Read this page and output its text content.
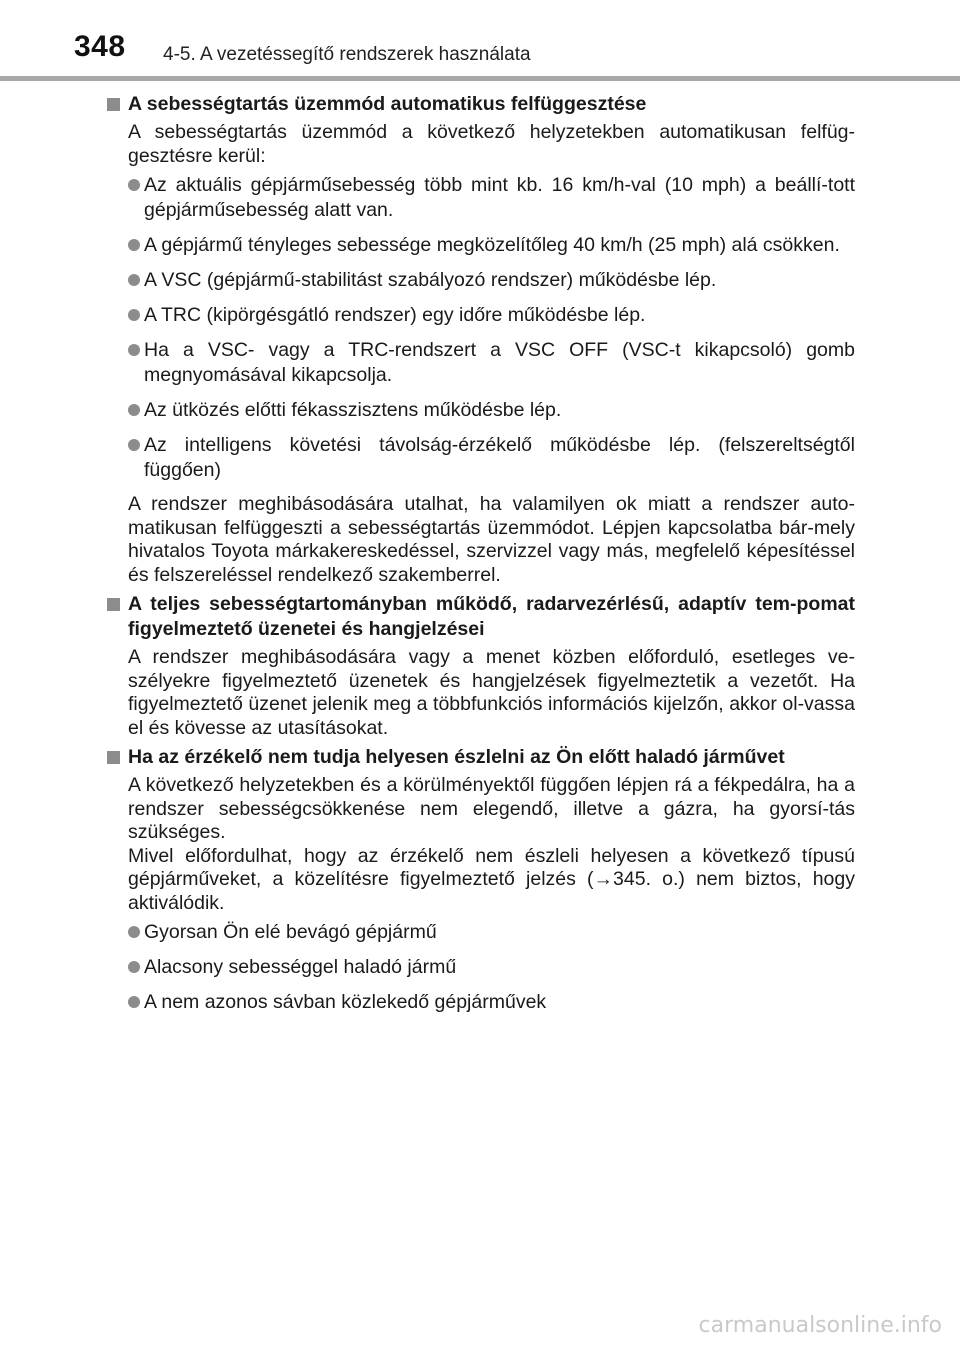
348 4-5. A vezetéssegítő rendszerek használata
A sebességtartás üzemmód automatikus felfüggesztése
A sebességtartás üzemmód a következő helyzetekben automatikusan felfüg-gesztésre kerül:
Az aktuális gépjárműsebesség több mint kb. 16 km/h-val (10 mph) a beállí-tott gépjárműsebesség alatt van.
A gépjármű tényleges sebessége megközelítőleg 40 km/h (25 mph) alá csökken.
A VSC (gépjármű-stabilitást szabályozó rendszer) működésbe lép.
A TRC (kipörgésgátló rendszer) egy időre működésbe lép.
Ha a VSC- vagy a TRC-rendszert a VSC OFF (VSC-t kikapcsoló) gomb megnyomásával kikapcsolja.
Az ütközés előtti fékasszisztens működésbe lép.
Az intelligens követési távolság-érzékelő működésbe lép. (felszereltségtől függően)
A rendszer meghibásodására utalhat, ha valamilyen ok miatt a rendszer auto-matikusan felfüggeszti a sebességtartás üzemmódot. Lépjen kapcsolatba bár-mely hivatalos Toyota márkakereskedéssel, szervizzel vagy más, megfelelő képesítéssel és felszereléssel rendelkező szakemberrel.
A teljes sebességtartományban működő, radarvezérlésű, adaptív tem-pomat figyelmeztető üzenetei és hangjelzései
A rendszer meghibásodására vagy a menet közben előforduló, esetleges ve-szélyekre figyelmeztető üzenetek és hangjelzések figyelmeztetik a vezetőt. Ha figyelmeztető üzenet jelenik meg a többfunkciós információs kijelzőn, akkor ol-vassa el és kövesse az utasításokat.
Ha az érzékelő nem tudja helyesen észlelni az Ön előtt haladó járművet
A következő helyzetekben és a körülményektől függően lépjen rá a fékpedálra, ha a rendszer sebességcsökkenése nem elegendő, illetve a gázra, ha gyorsí-tás szükséges.
Mivel előfordulhat, hogy az érzékelő nem észleli helyesen a következő típusú gépjárműveket, a közelítésre figyelmeztető jelzés (→345. o.) nem biztos, hogy aktiválódik.
Gyorsan Ön elé bevágó gépjármű
Alacsony sebességgel haladó jármű
A nem azonos sávban közlekedő gépjárművek
carmanualsonline.info
